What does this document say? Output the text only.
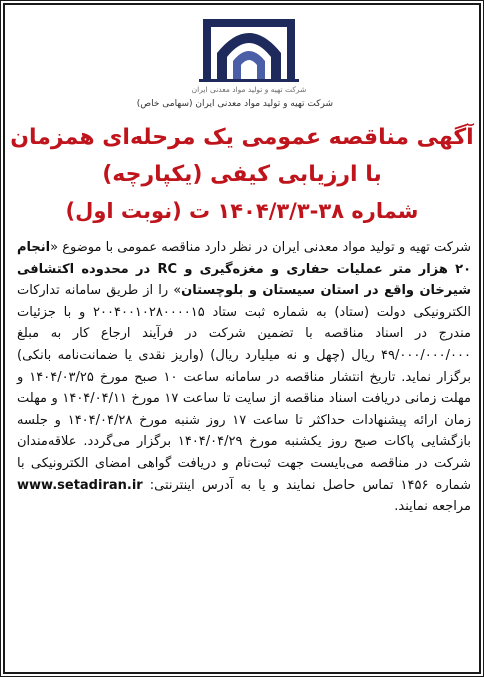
شرکت تهیه و تولید مواد معدنی ایران
شرکت تهیه و تولید مواد معدنی ایران (سهامی خاص)
آگهی مناقصه عمومی یک مرحله‌ای همزمان
با ارزیابی کیفی (یکپارچه)
شماره ۳۸-۱۴۰۴/۳/۳ ت (نوبت اول)
شرکت تهیه و تولید مواد معدنی ایران در نظر دارد مناقصه عمومی با موضوع «انجام ۲۰ هزار متر عملیات حفاری و مغزه‌گیری و RC در محدوده اکتشافی شیرخان واقع در استان سیستان و بلوچستان» را از طریق سامانه تدارکات الکترونیکی دولت (ستاد) به شماره ثبت ستاد ۲۰۰۴۰۰۱۰۲۸۰۰۰۰۱۵ و با جزئیات مندرج در اسناد مناقصه با تضمین شرکت در فرآیند ارجاع کار به مبلغ ۴۹/۰۰۰/۰۰۰/۰۰۰ ریال (چهل و نه میلیارد ریال) (واریز نقدی یا ضمانت‌نامه بانکی) برگزار نماید. تاریخ انتشار مناقصه در سامانه ساعت ۱۰ صبح مورخ ۱۴۰۴/۰۳/۲۵ و مهلت زمانی دریافت اسناد مناقصه از سایت تا ساعت ۱۷ مورخ ۱۴۰۴/۰۴/۱۱ و مهلت زمان ارائه پیشنهادات حداکثر تا ساعت ۱۷ روز شنبه مورخ ۱۴۰۴/۰۴/۲۸ و جلسه بازگشایی پاکات صبح روز یکشنبه مورخ ۱۴۰۴/۰۴/۲۹ برگزار می‌گردد. علاقه‌مندان شرکت در مناقصه می‌بایست جهت ثبت‌نام و دریافت گواهی امضای الکترونیکی با شماره ۱۴۵۶ تماس حاصل نمایند و یا به آدرس اینترنتی: www.setadiran.ir مراجعه نمایند.
